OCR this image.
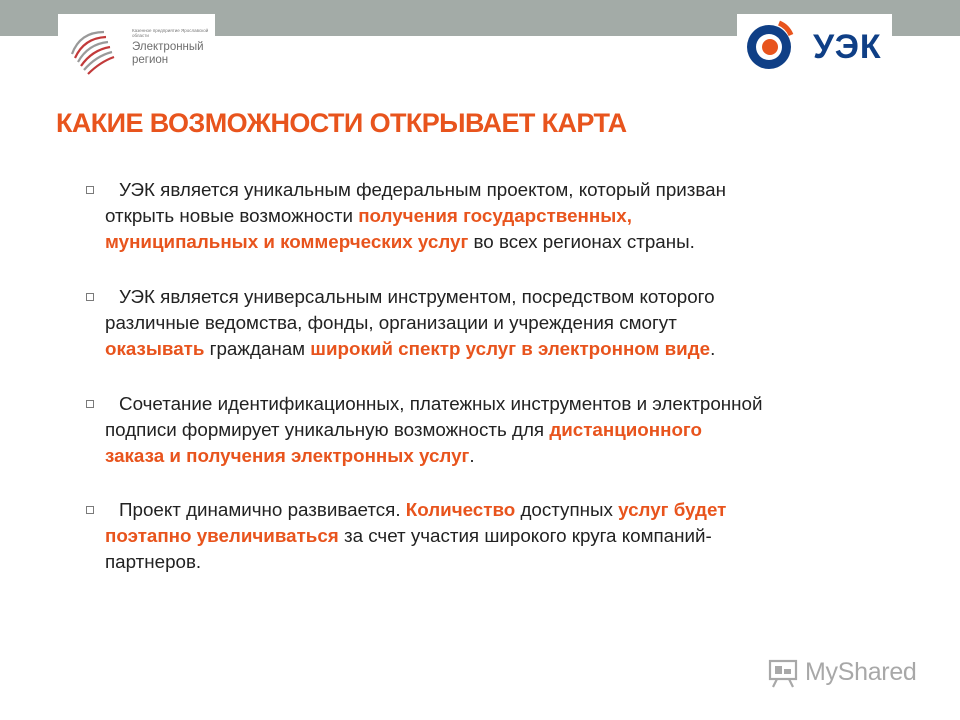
Казенное предприятие Ярославской области
Электронный
регион	УЭК
КАКИЕ ВОЗМОЖНОСТИ ОТКРЫВАЕТ КАРТА
УЭК является уникальным федеральным проектом, который призван
открыть новые возможности получения государственных,
муниципальных и коммерческих услуг во всех регионах страны.
УЭК является универсальным инструментом, посредством которого
различные ведомства, фонды, организации и учреждения смогут
оказывать гражданам широкий спектр услуг в электронном виде.
Сочетание идентификационных, платежных инструментов и электронной
подписи формирует уникальную возможность для дистанционного
заказа и получения электронных услуг.
Проект динамично развивается. Количество доступных услуг будет
поэтапно увеличиваться за счет участия широкого круга компаний-
партнеров.
MyShared
